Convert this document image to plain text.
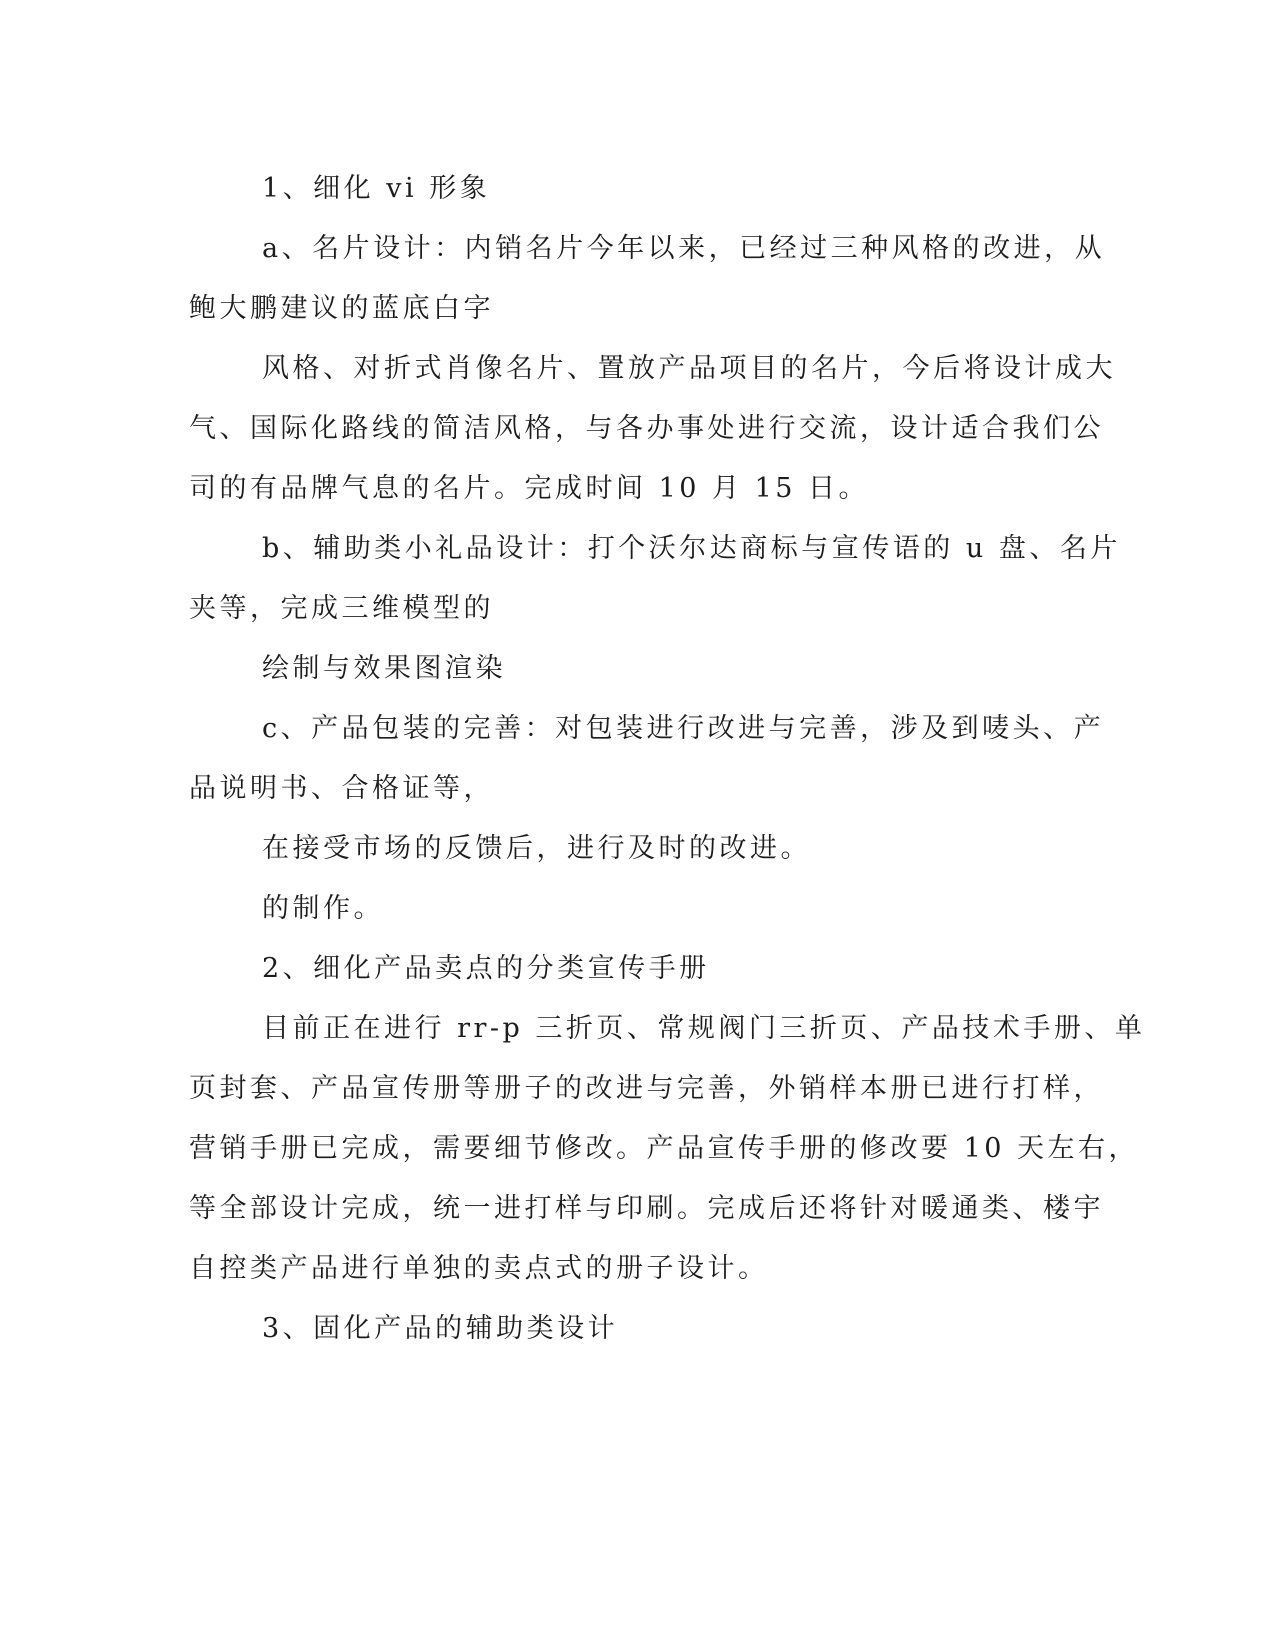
1、细化 vi 形象
a、名片设计：内销名片今年以来，已经过三种风格的改进，从
鲍大鹏建议的蓝底白字
风格、对折式肖像名片、置放产品项目的名片，今后将设计成大
气、国际化路线的简洁风格，与各办事处进行交流，设计适合我们公
司的有品牌气息的名片。完成时间 10 月 15 日。
b、辅助类小礼品设计：打个沃尔达商标与宣传语的 u 盘、名片
夹等，完成三维模型的
绘制与效果图渲染
c、产品包装的完善：对包装进行改进与完善，涉及到唛头、产
品说明书、合格证等，
在接受市场的反馈后，进行及时的改进。
的制作。
2、细化产品卖点的分类宣传手册
目前正在进行 rr-p 三折页、常规阀门三折页、产品技术手册、单
页封套、产品宣传册等册子的改进与完善，外销样本册已进行打样，
营销手册已完成，需要细节修改。产品宣传手册的修改要 10 天左右，
等全部设计完成，统一进打样与印刷。完成后还将针对暖通类、楼宇
自控类产品进行单独的卖点式的册子设计。
3、固化产品的辅助类设计
